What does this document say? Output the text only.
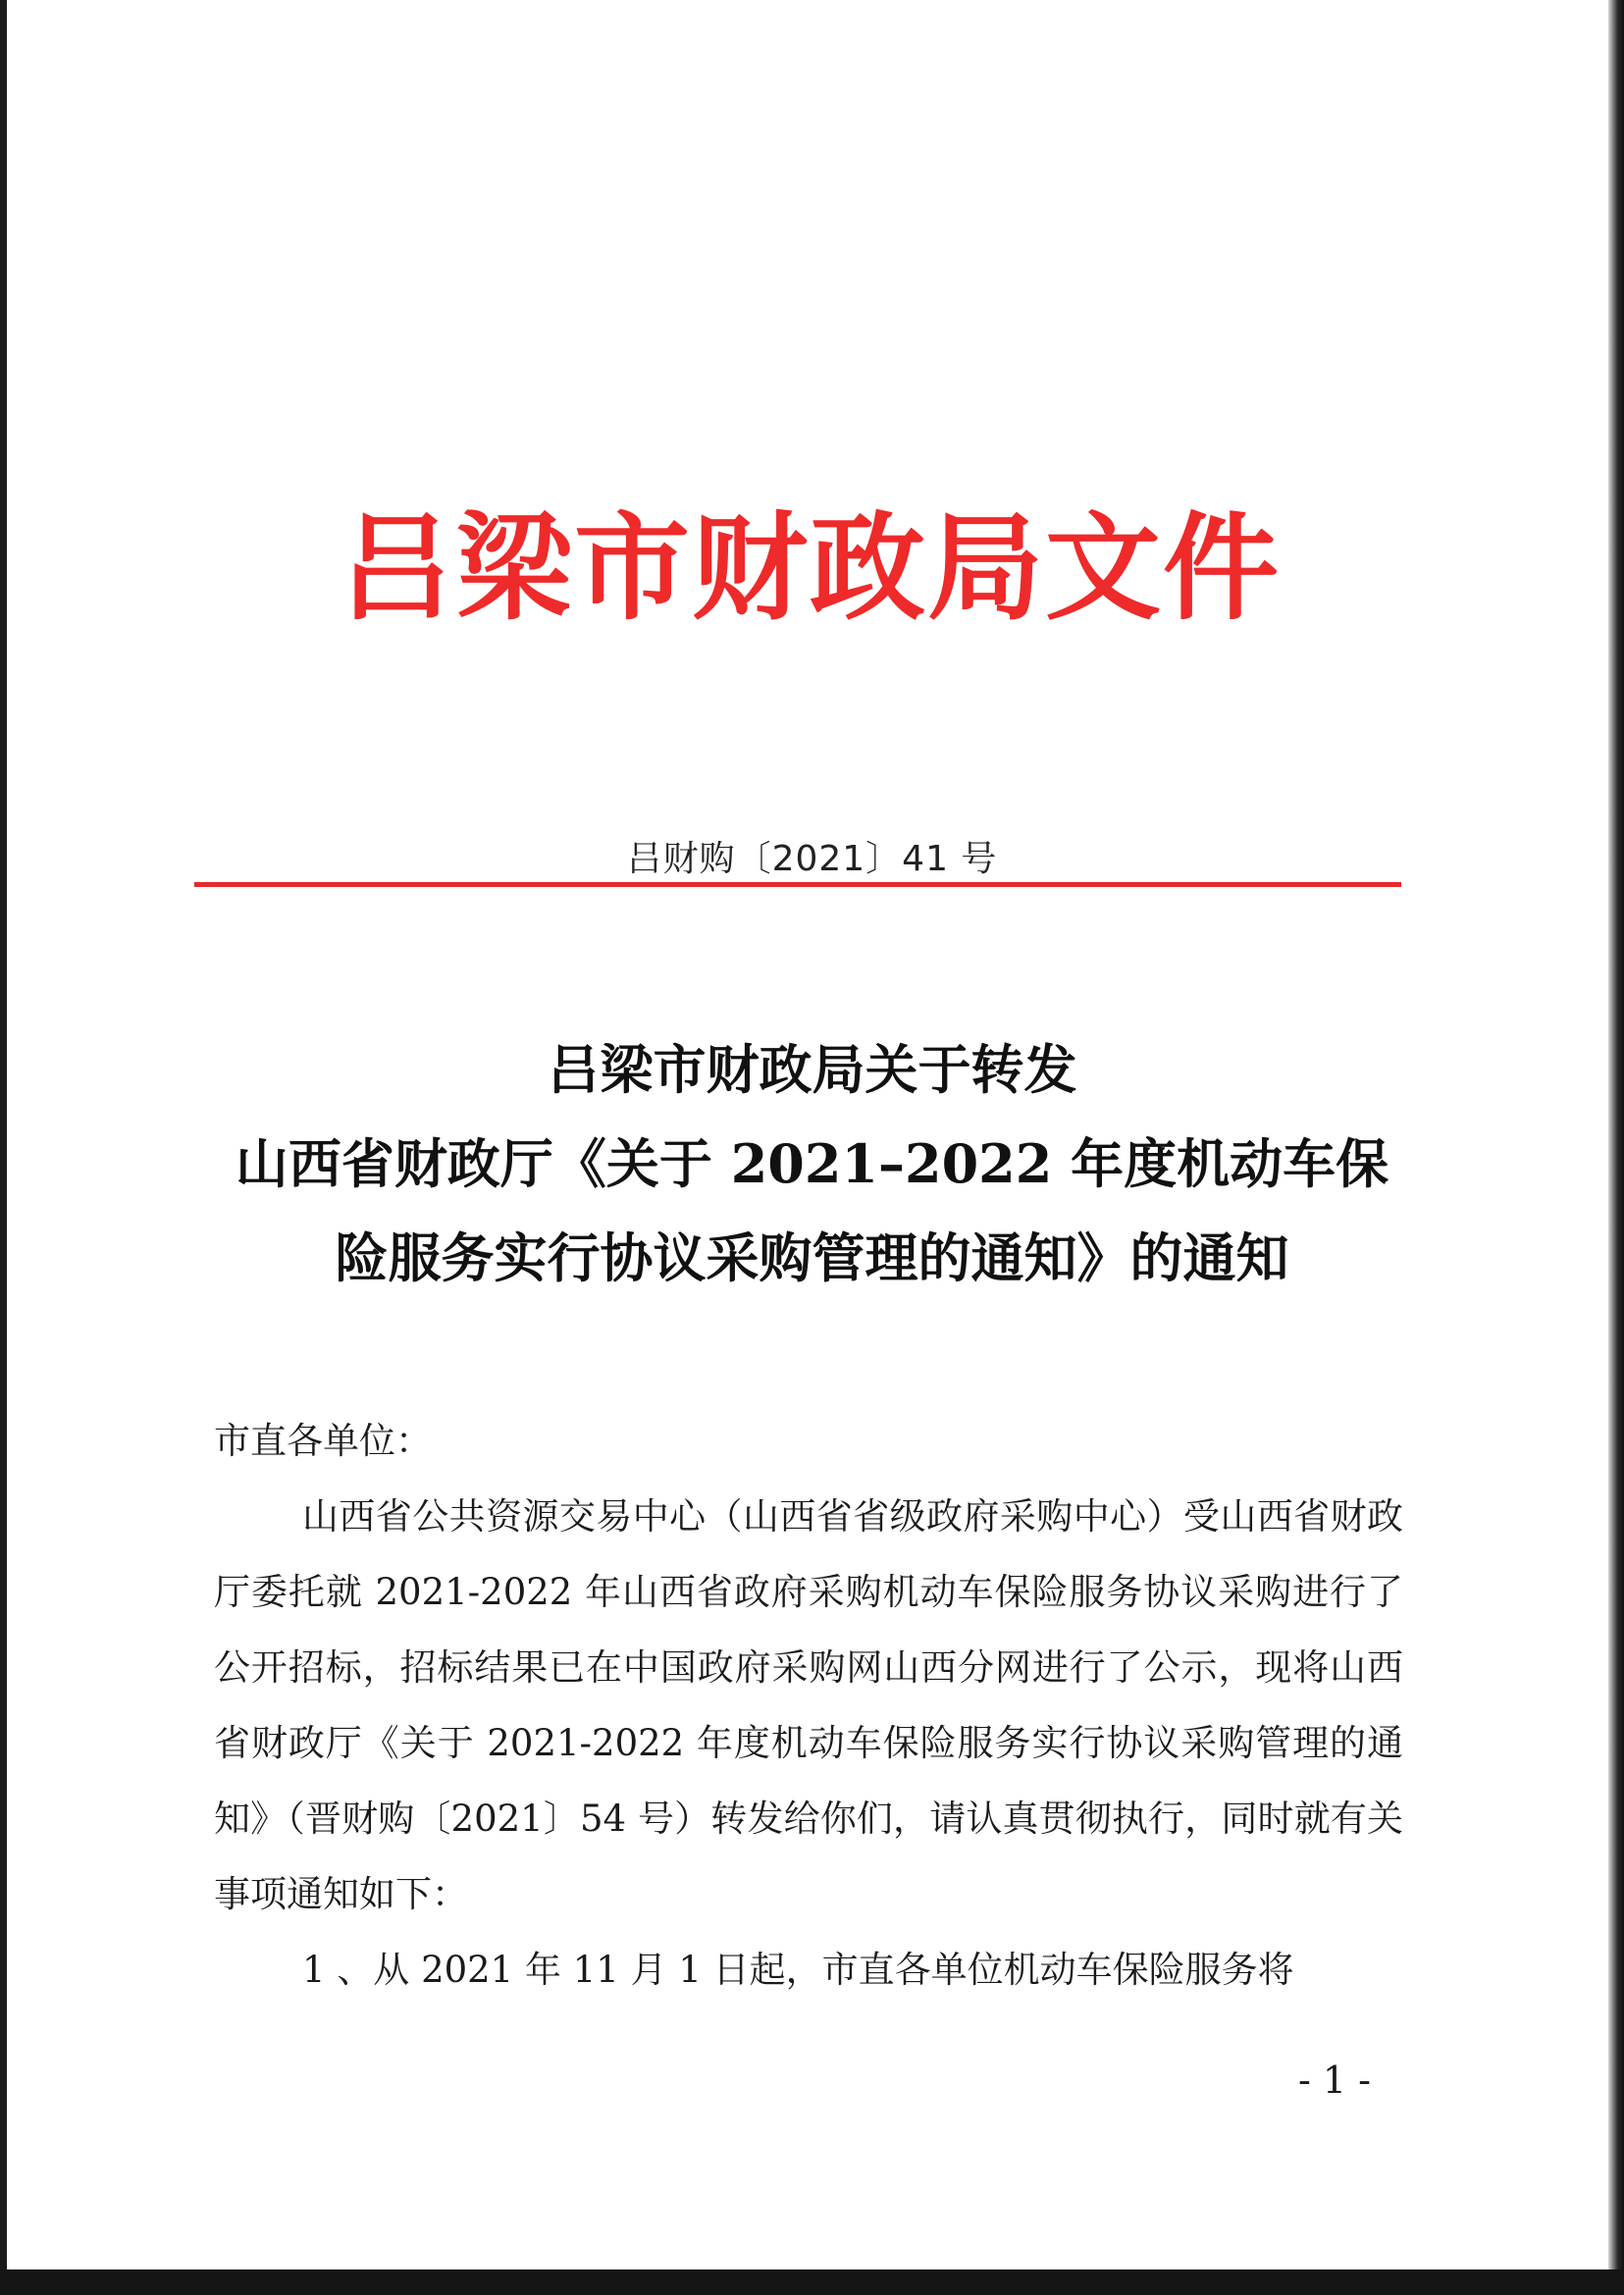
吕梁市财政局文件
吕财购〔2021〕41 号
吕梁市财政局关于转发
山西省财政厅《关于 2021–2022 年度机动车保
险服务实行协议采购管理的通知》的通知
市直各单位：
山西省公共资源交易中心（山西省省级政府采购中心）受山西省财政厅委托就 2021-2022 年山西省政府采购机动车保险服务协议采购进行了公开招标，招标结果已在中国政府采购网山西分网进行了公示，现将山西省财政厅《关于 2021-2022 年度机动车保险服务实行协议采购管理的通知》（晋财购〔2021〕54 号）转发给你们，请认真贯彻执行，同时就有关事项通知如下：
1 、从 2021 年 11 月 1 日起，市直各单位机动车保险服务将
- 1 -
